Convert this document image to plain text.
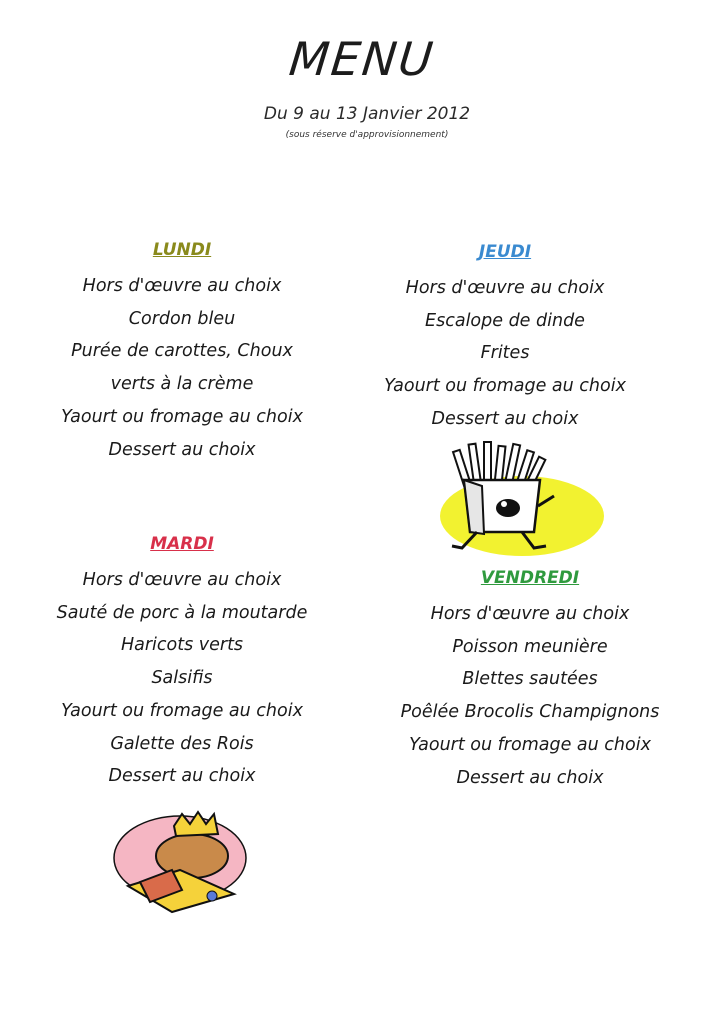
MENU
Du 9 au 13 Janvier 2012
(sous réserve d'approvisionnement)
LUNDI
Hors d'œuvre au choix
Cordon bleu
Purée de carottes, Choux
verts à la crème
Yaourt ou fromage au choix
Dessert au choix
MARDI
Hors d'œuvre au choix
Sauté de porc à la moutarde
Haricots verts
Salsifis
Yaourt ou fromage au choix
Galette des Rois
Dessert au choix
JEUDI
Hors d'œuvre au choix
Escalope de dinde
Frites
Yaourt ou fromage au choix
Dessert au choix
VENDREDI
Hors d'œuvre au choix
Poisson meunière
Blettes sautées
Poêlée Brocolis Champignons
Yaourt ou fromage au choix
Dessert au choix
